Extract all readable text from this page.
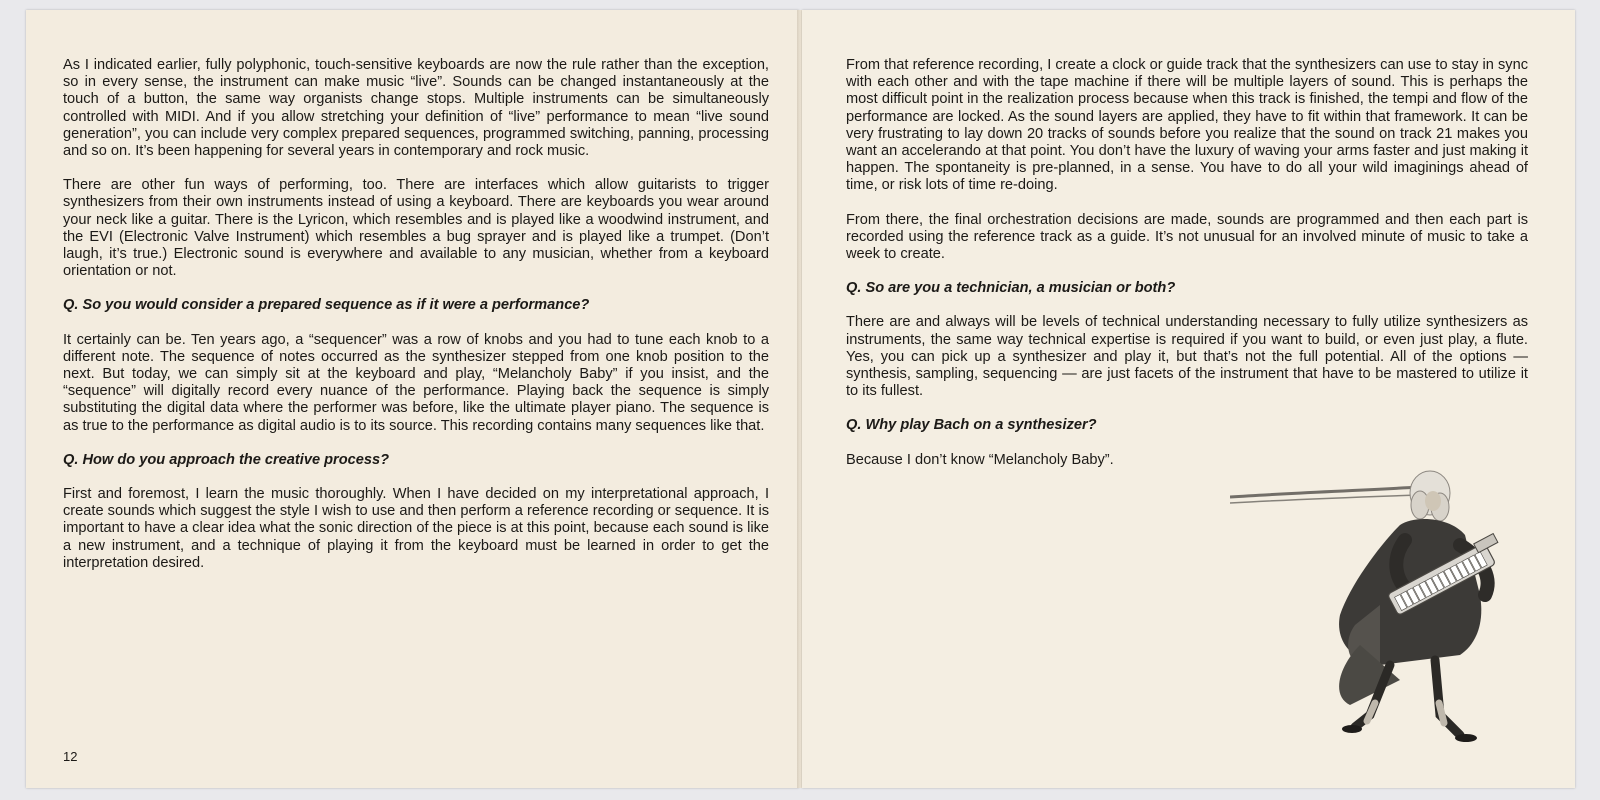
As I indicated earlier, fully polyphonic, touch-sensitive keyboards are now the rule rather than the exception, so in every sense, the instrument can make music “live”. Sounds can be changed instantaneously at the touch of a button, the same way organists change stops. Multiple instruments can be simultaneously controlled with MIDI. And if you allow stretching your definition of “live” performance to mean “live sound generation”, you can include very complex prepared sequences, programmed switching, panning, processing and so on. It’s been happening for several years in contemporary and rock music.

There are other fun ways of performing, too. There are interfaces which allow guitarists to trigger synthesizers from their own instruments instead of using a keyboard. There are keyboards you wear around your neck like a guitar. There is the Lyricon, which resembles and is played like a woodwind instrument, and the EVI (Electronic Valve Instrument) which resembles a bug sprayer and is played like a trumpet. (Don’t laugh, it’s true.) Electronic sound is everywhere and available to any musician, whether from a keyboard orientation or not.

Q. So you would consider a prepared sequence as if it were a performance?

It certainly can be. Ten years ago, a “sequencer” was a row of knobs and you had to tune each knob to a different note. The sequence of notes occurred as the synthesizer stepped from one knob position to the next. But today, we can simply sit at the keyboard and play, “Melancholy Baby” if you insist, and the “sequence” will digitally record every nuance of the performance. Playing back the sequence is simply substituting the digital data where the performer was before, like the ultimate player piano. The sequence is as true to the performance as digital audio is to its source. This recording contains many sequences like that.

Q. How do you approach the creative process?

First and foremost, I learn the music thoroughly. When I have decided on my interpretational approach, I create sounds which suggest the style I wish to use and then perform a reference recording or sequence. It is important to have a clear idea what the sonic direction of the piece is at this point, because each sound is like a new instrument, and a technique of playing it from the keyboard must be learned in order to get the interpretation desired.

12

From that reference recording, I create a clock or guide track that the synthesizers can use to stay in sync with each other and with the tape machine if there will be multiple layers of sound. This is perhaps the most difficult point in the realization process because when this track is finished, the tempi and flow of the performance are locked. As the sound layers are applied, they have to fit within that framework. It can be very frustrating to lay down 20 tracks of sounds before you realize that the sound on track 21 makes you want an accelerando at that point. You don’t have the luxury of waving your arms faster and just making it happen. The spontaneity is pre-planned, in a sense. You have to do all your wild imaginings ahead of time, or risk lots of time re-doing.

From there, the final orchestration decisions are made, sounds are programmed and then each part is recorded using the reference track as a guide. It’s not unusual for an involved minute of music to take a week to create.

Q. So are you a technician, a musician or both?

There are and always will be levels of technical understanding necessary to fully utilize synthesizers as instruments, the same way technical expertise is required if you want to build, or even just play, a flute. Yes, you can pick up a synthesizer and play it, but that’s not the full potential. All of the options — synthesis, sampling, sequencing — are just facets of the instrument that have to be mastered to utilize it to its fullest.

Q. Why play Bach on a synthesizer?

Because I don’t know “Melancholy Baby”.
